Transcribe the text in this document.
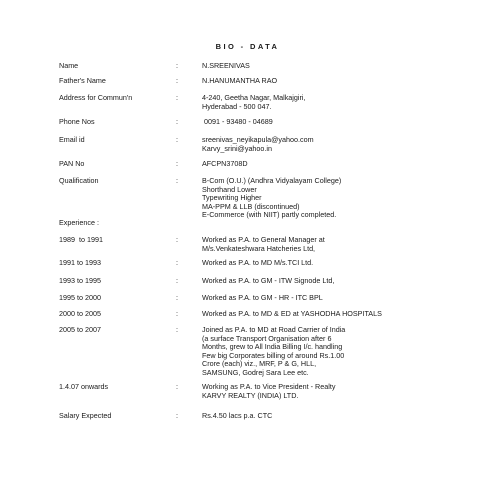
BIO - DATA
Name	:	N.SREENIVAS
Father's Name	:	N.HANUMANTHA RAO
Address for Commun'n	:	4-240, Geetha Nagar, Malkajgiri,
Hyderabad - 500 047.
Phone Nos	:	0091 - 93480 - 04689
Email id	:	sreenivas_neyikapula@yahoo.com
Karvy_srini@yahoo.in
PAN No	:	AFCPN3708D
Qualification	:	B-Com (O.U.) (Andhra Vidyalayam College)
Shorthand Lower
Typewriting Higher
MA-PPM & LLB (discontinued)
E-Commerce (with NIIT) partly completed.
Experience :
1989  to 1991	:	Worked as P.A. to General Manager at
M/s.Venkateshwara Hatcheries Ltd,
1991 to 1993	:	Worked as P.A. to MD M/s.TCI Ltd.
1993 to 1995	:	Worked as P.A. to GM - ITW Signode Ltd,
1995 to 2000	:	Worked as P.A. to GM - HR - ITC BPL
2000 to 2005	:	Worked as P.A. to MD & ED at YASHODHA HOSPITALS
2005 to 2007	:	Joined as P.A. to MD at Road Carrier of India
(a surface Transport Organisation after 6
Months, grew to All India Billing I/c. handling
Few big Corporates billing of around Rs.1.00
Crore (each) viz., MRF, P & G, HLL,
SAMSUNG, Godrej Sara Lee etc.
1.4.07 onwards	:	Working as P.A. to Vice President - Realty
KARVY REALTY (INDIA) LTD.
Salary Expected	:	Rs.4.50 lacs p.a. CTC
